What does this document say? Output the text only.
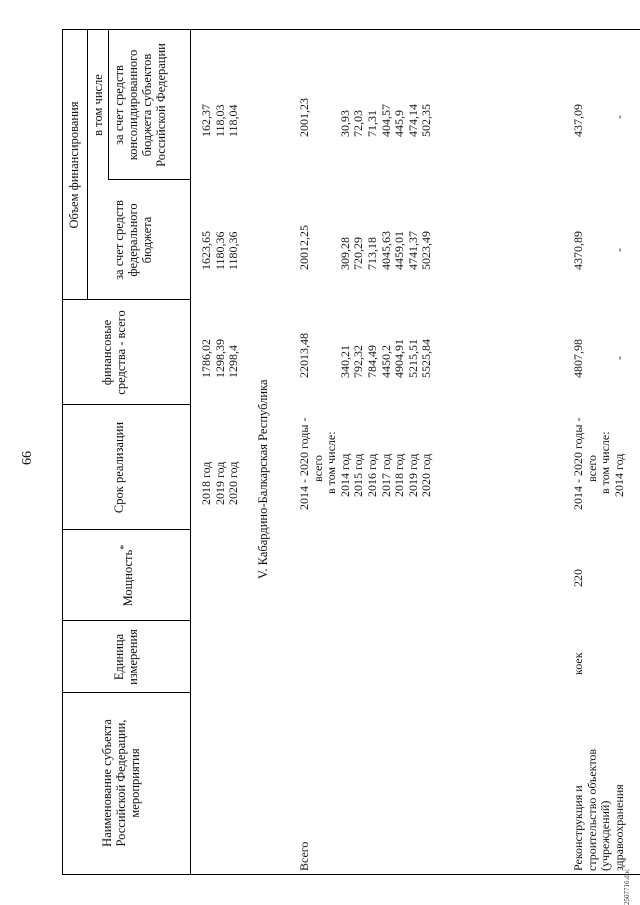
66
Наименование субъекта Российской Федерации, мероприятия
Единица измерения
Мощность*
Срок реализации
финансовые средства - всего
Объем финансирования в том числе
за счет средств федерального бюджета
за счет средств консолидированного бюджета субъектов Российской Федерации
2018 год 2019 год 2020 год
1786,02 1298,39 1298,4
1623,65 1180,36 1180,36
162,37 118,03 118,04
V. Кабардино-Балкарская Республика
Всего
2014 - 2020 годы - всего в том числе: 2014 год 2015 год 2016 год 2017 год 2018 год 2019 год 2020 год
22013,48 340,21 792,32 784,49 4450,2 4904,91 5215,51 5525,84
20012,25 309,28 720,29 713,18 4045,63 4459,01 4741,37 5023,49
2001,23 30,93 72,03 71,31 404,57 445,9 474,14 502,35
Реконструкция и строительство объектов (учреждений) здравоохранения
коек
220
2014 - 2020 годы - всего в том числе: 2014 год
4807,98 -
4370,89 -
437,09 -
2507716.doc
